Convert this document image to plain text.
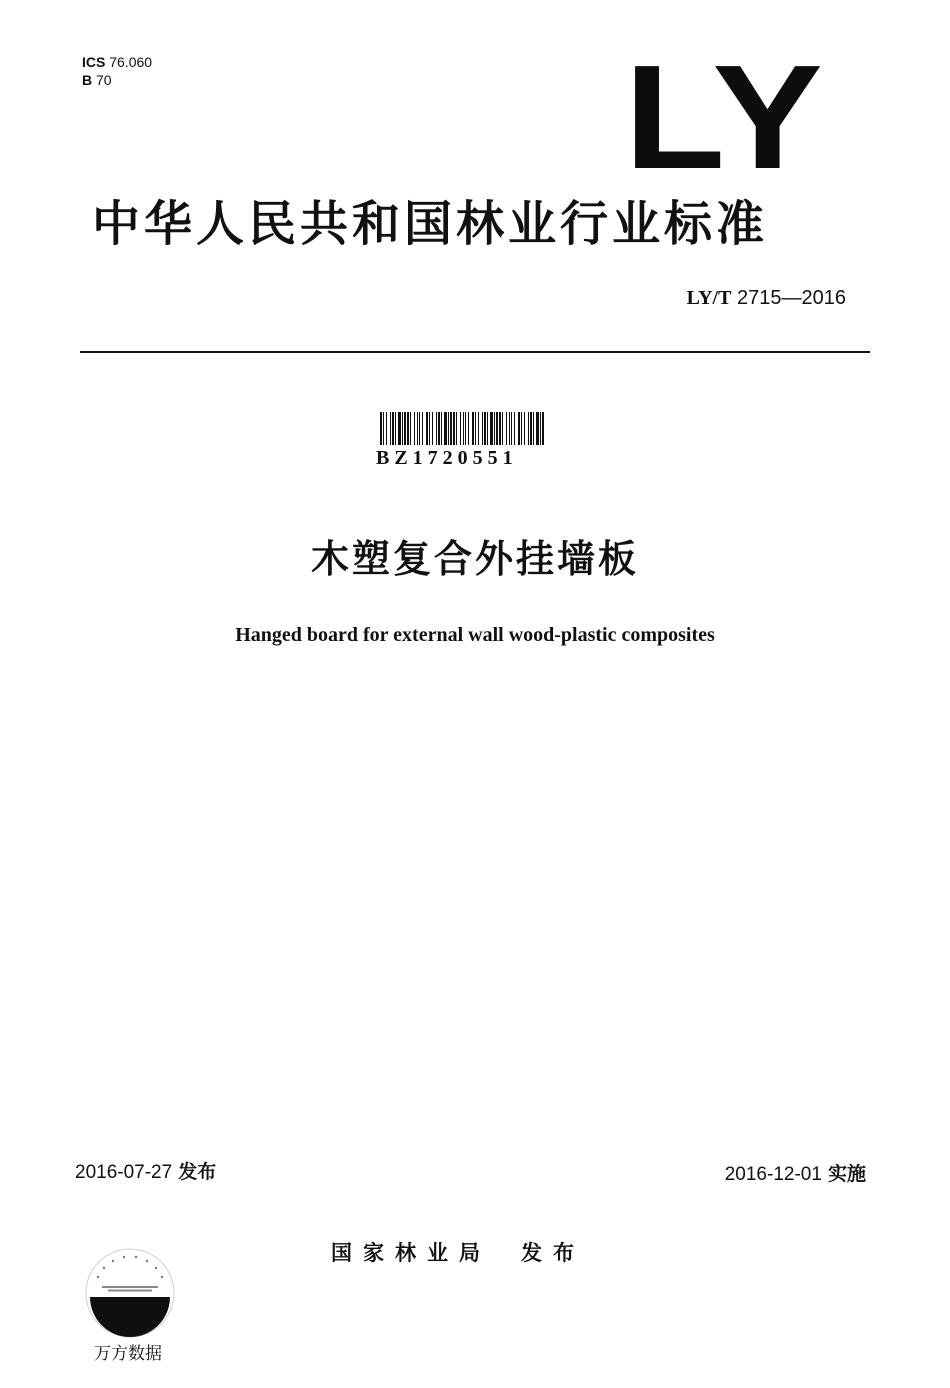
ICS 76.060
B 70	LY
中华人民共和国林业行业标准
LY/T 2715—2016
BZ1720551
木塑复合外挂墙板
Hanged board for external wall wood-plastic composites
2016-07-27 发布	2016-12-01 实施
国家林业局 发布
万方数据
